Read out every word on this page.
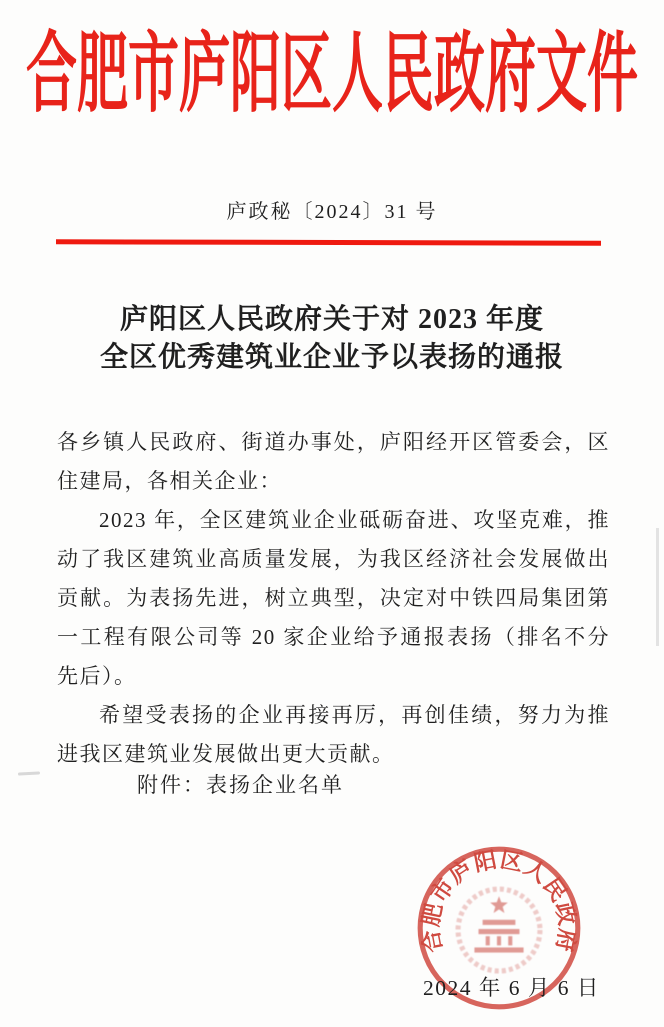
合肥市庐阳区人民政府文件
庐政秘〔2024〕31 号
庐阳区人民政府关于对 2023 年度
全区优秀建筑业企业予以表扬的通报

各乡镇人民政府、街道办事处，庐阳经开区管委会，区住建局，各相关企业：

2023 年，全区建筑业企业砥砺奋进、攻坚克难，推动了我区建筑业高质量发展，为我区经济社会发展做出贡献。为表扬先进，树立典型，决定对中铁四局集团第一工程有限公司等 20 家企业给予通报表扬（排名不分先后）。

希望受表扬的企业再接再厉，再创佳绩，努力为推进我区建筑业发展做出更大贡献。

附件：表扬企业名单
合肥市庐阳区人民政府
2024 年 6 月 6 日
